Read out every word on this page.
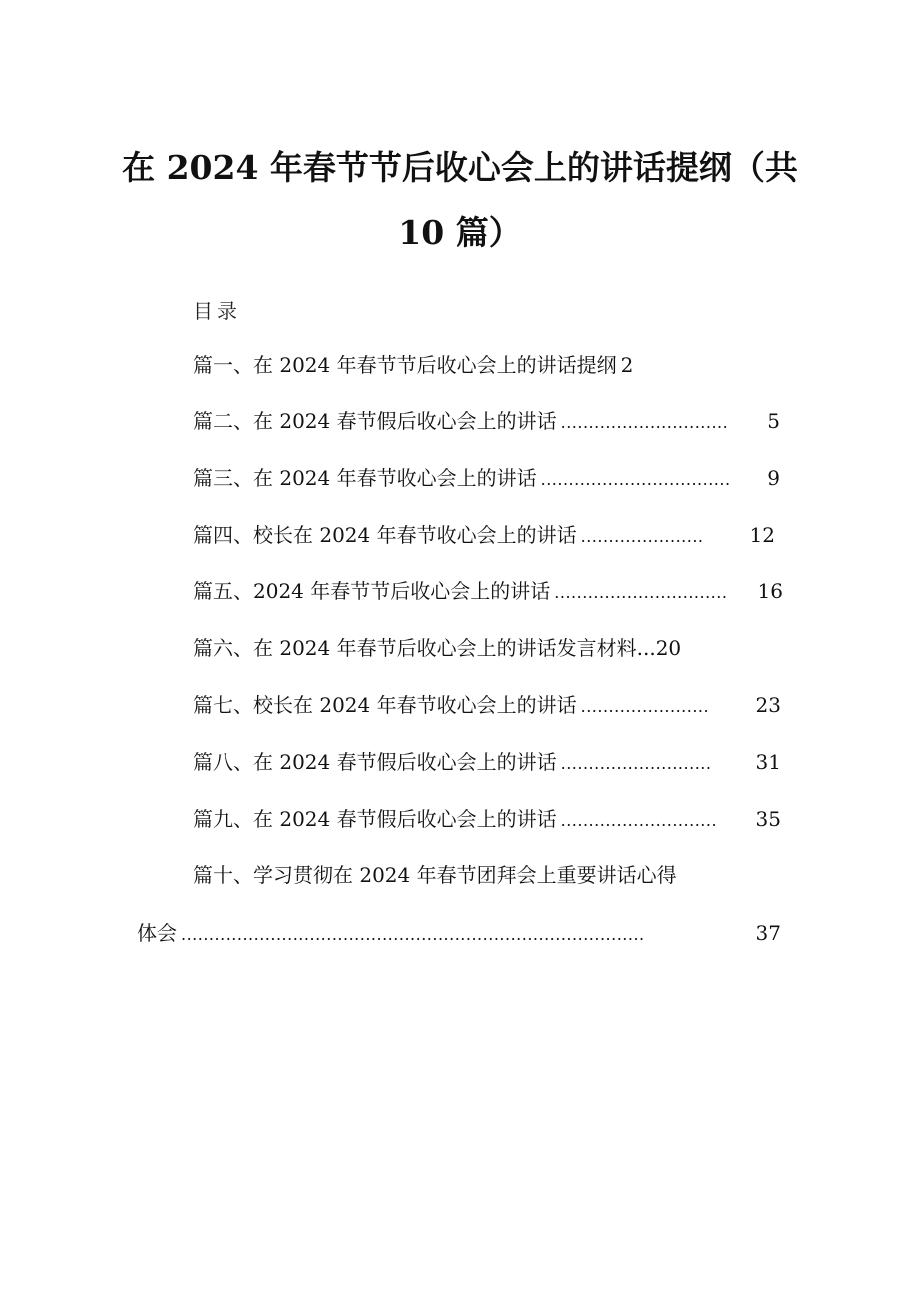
在 2024 年春节节后收心会上的讲话提纲（共
10 篇）
目录
篇一、在 2024 年春节节后收心会上的讲话提纲 2
篇二、在 2024 春节假后收心会上的讲话 ..............................	5
篇三、在 2024 年春节收心会上的讲话 ..................................	9
篇四、校长在 2024 年春节收心会上的讲话 ......................	12
篇五、2024 年春节节后收心会上的讲话 ...............................	16
篇六、在 2024 年春节后收心会上的讲话发言材料 ... 20
篇七、校长在 2024 年春节收心会上的讲话 .......................	23
篇八、在 2024 春节假后收心会上的讲话 ...........................	31
篇九、在 2024 春节假后收心会上的讲话 ............................	35
篇十、学习贯彻在 2024 年春节团拜会上重要讲话心得
体会 ...................................................................................	37
